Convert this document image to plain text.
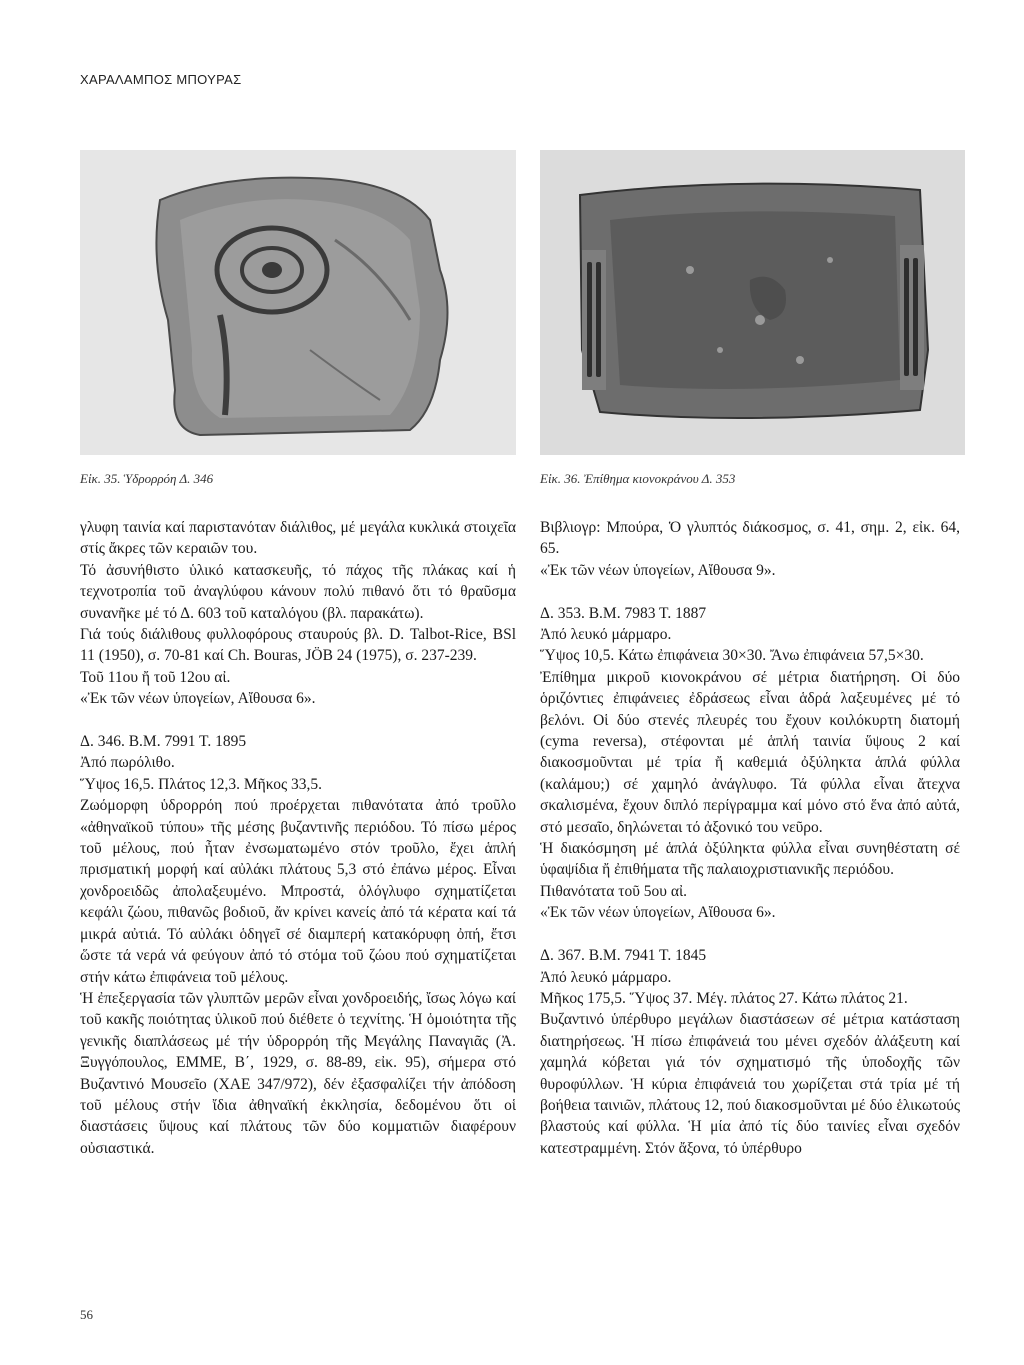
ΧΑΡΑΛΑΜΠΟΣ ΜΠΟΥΡΑΣ
Εἰκ. 35. Ὑδρορρόη Δ. 346	Εἰκ. 36. Ἐπίθημα κιονοκράνου Δ. 353

γλυφη ταινία καί παριστανόταν διάλιθος, μέ μεγάλα κυκλικά στοιχεῖα στίς ἄκρες τῶν κεραιῶν του.

Τό ἀσυνήθιστο ὑλικό κατασκευῆς, τό πάχος τῆς πλάκας καί ἡ τεχνοτροπία τοῦ ἀναγλύφου κάνουν πολύ πιθανό ὅτι τό θραῦσμα συνανῆκε μέ τό Δ. 603 τοῦ καταλόγου (βλ. παρακάτω).

Γιά τούς διάλιθους φυλλοφόρους σταυρούς βλ. D. Talbot-Rice, BSl 11 (1950), σ. 70-81 καί Ch. Bouras, JÖB 24 (1975), σ. 237-239.

Τοῦ 11ου ἤ τοῦ 12ου αἰ.

«Ἐκ τῶν νέων ὑπογείων, Αἴθουσα 6».

Δ. 346. Β.Μ. 7991 Τ. 1895

Ἀπό πωρόλιθο.

Ὕψος 16,5. Πλάτος 12,3. Μῆκος 33,5.

Ζωόμορφη ὑδρορρόη πού προέρχεται πιθανότατα ἀπό τροῦλο «ἀθηναϊκοῦ τύπου» τῆς μέσης βυζαντινῆς περιόδου. Τό πίσω μέρος τοῦ μέλους, πού ἦταν ἐνσωματωμένο στόν τροῦλο, ἔχει ἁπλή πρισματική μορφή καί αὐλάκι πλάτους 5,3 στό ἐπάνω μέρος. Εἶναι χονδροειδῶς ἀπολαξευμένο. Μπροστά, ὁλόγλυφο σχηματίζεται κεφάλι ζώου, πιθανῶς βοδιοῦ, ἄν κρίνει κανείς ἀπό τά κέρατα καί τά μικρά αὐτιά. Τό αὐλάκι ὁδηγεῖ σέ διαμπερή κατακόρυφη ὀπή, ἔτσι ὥστε τά νερά νά φεύγουν ἀπό τό στόμα τοῦ ζώου πού σχηματίζεται στήν κάτω ἐπιφάνεια τοῦ μέλους.

Ἡ ἐπεξεργασία τῶν γλυπτῶν μερῶν εἶναι χονδροειδής, ἴσως λόγω καί τοῦ κακῆς ποιότητας ὑλικοῦ πού διέθετε ὁ τεχνίτης. Ἡ ὁμοιότητα τῆς γενικῆς διαπλάσεως μέ τήν ὑδρορρόη τῆς Μεγάλης Παναγιᾶς (Ἀ. Ξυγγόπουλος, ΕΜΜΕ, Β΄, 1929, σ. 88-89, εἰκ. 95), σήμερα στό Βυζαντινό Μουσεῖο (ΧΑΕ 347/972), δέν ἐξασφαλίζει τήν ἀπόδοση τοῦ μέλους στήν ἴδια ἀθηναϊκή ἐκκλησία, δεδομένου ὅτι οἱ διαστάσεις ὕψους καί πλάτους τῶν δύο κομματιῶν διαφέρουν οὐσιαστικά.

Βιβλιογρ: Μπούρα, Ὁ γλυπτός διάκοσμος, σ. 41, σημ. 2, εἰκ. 64, 65.

«Ἐκ τῶν νέων ὑπογείων, Αἴθουσα 9».

Δ. 353. Β.Μ. 7983 Τ. 1887

Ἀπό λευκό μάρμαρο.

Ὕψος 10,5. Κάτω ἐπιφάνεια 30×30. Ἄνω ἐπιφάνεια 57,5×30.

Ἐπίθημα μικροῦ κιονοκράνου σέ μέτρια διατήρηση. Οἱ δύο ὁριζόντιες ἐπιφάνειες ἐδράσεως εἶναι ἁδρά λαξευμένες μέ τό βελόνι. Οἱ δύο στενές πλευρές του ἔχουν κοιλόκυρτη διατομή (cyma reversa), στέφονται μέ ἁπλή ταινία ὕψους 2 καί διακοσμοῦνται μέ τρία ἤ καθεμιά ὀξύληκτα ἁπλά φύλλα (καλάμου;) σέ χαμηλό ἀνάγλυφο. Τά φύλλα εἶναι ἄτεχνα σκαλισμένα, ἔχουν διπλό περίγραμμα καί μόνο στό ἕνα ἀπό αὐτά, στό μεσαῖο, δηλώνεται τό ἀξονικό του νεῦρο.

Ἡ διακόσμηση μέ ἁπλά ὀξύληκτα φύλλα εἶναι συνηθέστατη σέ ὑφαψίδια ἤ ἐπιθήματα τῆς παλαιοχριστιανικῆς περιόδου.

Πιθανότατα τοῦ 5ου αἰ.

«Ἐκ τῶν νέων ὑπογείων, Αἴθουσα 6».

Δ. 367. Β.Μ. 7941 Τ. 1845

Ἀπό λευκό μάρμαρο.

Μῆκος 175,5. Ὕψος 37. Μέγ. πλάτος 27. Κάτω πλάτος 21.

Βυζαντινό ὑπέρθυρο μεγάλων διαστάσεων σέ μέτρια κατάσταση διατηρήσεως. Ἡ πίσω ἐπιφάνειά του μένει σχεδόν ἀλάξευτη καί χαμηλά κόβεται γιά τόν σχηματισμό τῆς ὑποδοχῆς τῶν θυροφύλλων. Ἡ κύρια ἐπιφάνειά του χωρίζεται στά τρία μέ τή βοήθεια ταινιῶν, πλάτους 12, πού διακοσμοῦνται μέ δύο ἑλικωτούς βλαστούς καί φύλλα. Ἡ μία ἀπό τίς δύο ταινίες εἶναι σχεδόν κατεστραμμένη. Στόν ἄξονα, τό ὑπέρθυρο

56
